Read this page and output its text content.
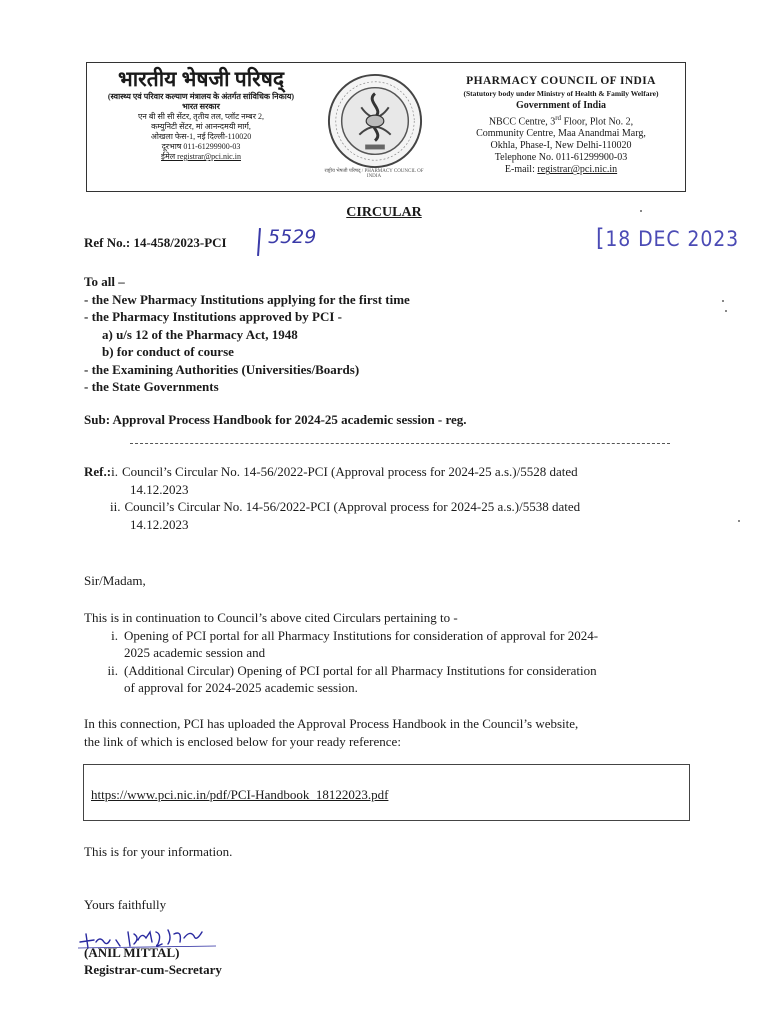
भारतीय भेषजी परिषद्
(स्वास्थ्य एवं परिवार कल्याण मंत्रालय के अंतर्गत सांविधिक निकाय)
भारत सरकार
एन बी सी सी सेंटर, तृतीय तल, प्लॉट नम्बर 2,
कम्युनिटी सेंटर, मां आनन्दमयी मार्ग,
ओखला फेस-1, नई दिल्ली-110020
दूरभाष 011-61299900-03
ईमेल registrar@pci.nic.in
राष्ट्रीय भेषजी परिषद् / PHARMACY COUNCIL OF INDIA
PHARMACY COUNCIL OF INDIA
(Statutory body under Ministry of Health & Family Welfare)
Government of India
NBCC Centre, 3rd Floor, Plot No. 2,
Community Centre, Maa Anandmai Marg,
Okhla, Phase-I, New Delhi-110020
Telephone No. 011-61299900-03
E-mail: registrar@pci.nic.in
CIRCULAR
Ref No.: 14-458/2023-PCI 5529	[18 DEC 2023
To all –
- the New Pharmacy Institutions applying for the first time
- the Pharmacy Institutions approved by PCI -
a) u/s 12 of the Pharmacy Act, 1948
b) for conduct of course
- the Examining Authorities (Universities/Boards)
- the State Governments
Sub: Approval Process Handbook for 2024-25 academic session - reg.
Ref.: i. Council’s Circular No. 14-56/2022-PCI (Approval process for 2024-25 a.s.)/5528 dated
14.12.2023
ii. Council’s Circular No. 14-56/2022-PCI (Approval process for 2024-25 a.s.)/5538 dated
14.12.2023
Sir/Madam,
This is in continuation to Council’s above cited Circulars pertaining to -
i. Opening of PCI portal for all Pharmacy Institutions for consideration of approval for 2024-
2025 academic session and
ii. (Additional Circular) Opening of PCI portal for all Pharmacy Institutions for consideration
of approval for 2024-2025 academic session.
In this connection, PCI has uploaded the Approval Process Handbook in the Council’s website,
the link of which is enclosed below for your ready reference:
https://www.pci.nic.in/pdf/PCI-Handbook_18122023.pdf
This is for your information.
Yours faithfully
(ANIL MITTAL)
Registrar-cum-Secretary
